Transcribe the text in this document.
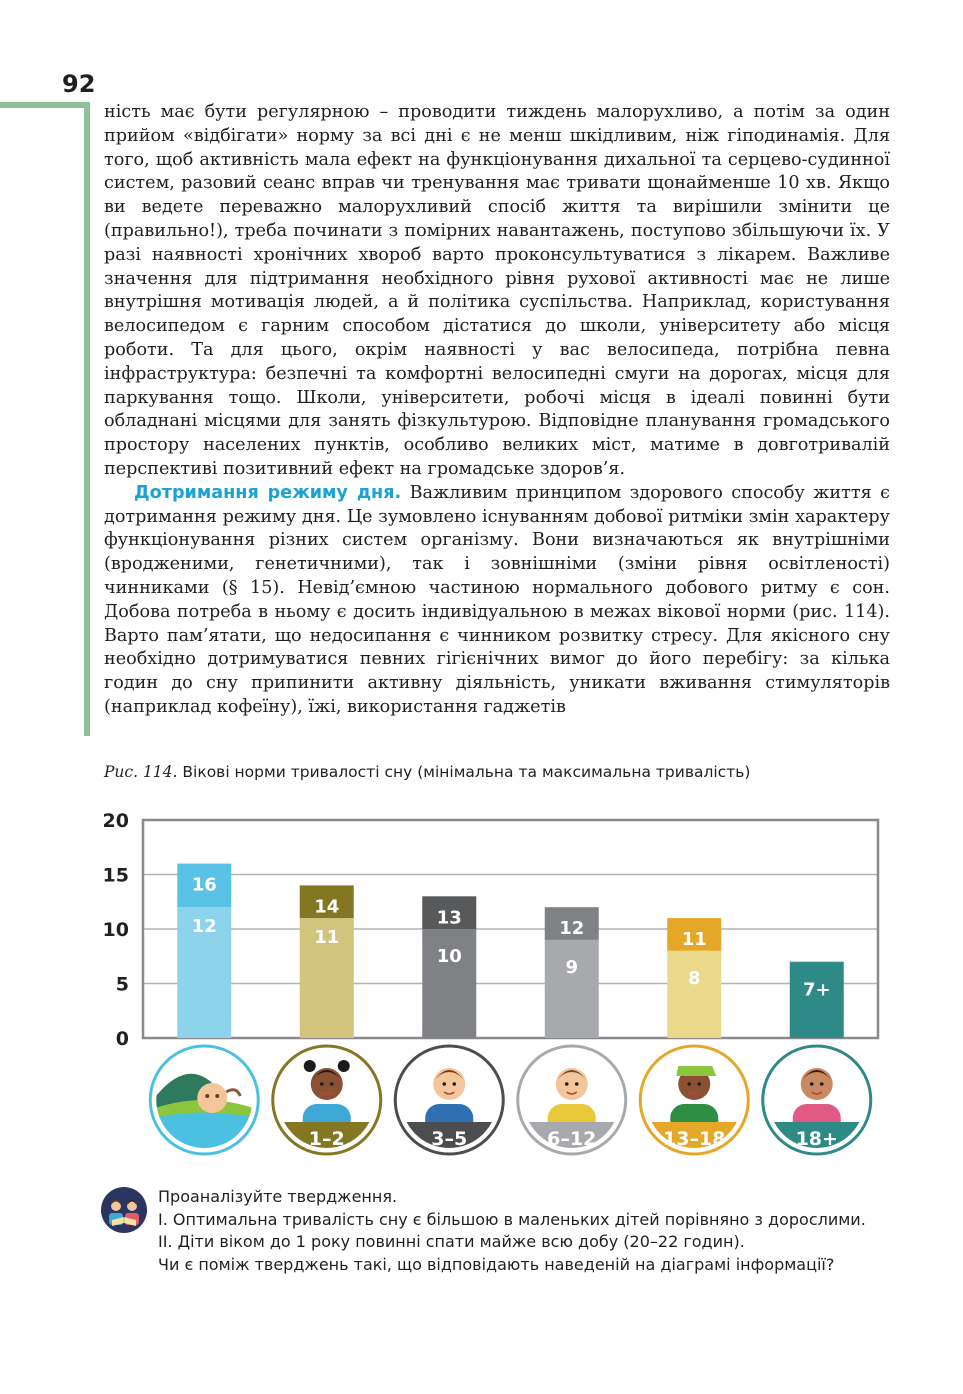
92

ність має бути регулярною – проводити тиждень малорухливо, а потім за один прийом «відбігати» норму за всі дні є не менш шкідливим, ніж гіподинамія. Для того, щоб активність мала ефект на функціонування дихальної та серцево-судинної систем, разовий сеанс вправ чи тренування має тривати щонайменше 10 хв. Якщо ви ведете переважно малорухливий спосіб життя та вирішили змінити це (правильно!), треба починати з помірних навантажень, поступово збільшуючи їх. У разі наявності хронічних хвороб варто проконсультуватися з лікарем. Важливе значення для підтримання необхідного рівня рухової активності має не лише внутрішня мотивація людей, а й політика суспільства. Наприклад, користування велосипедом є гарним способом дістатися до школи, університету або місця роботи. Та для цього, окрім наявності у вас велосипеда, потрібна певна інфраструктура: безпечні та комфортні велосипедні смуги на дорогах, місця для паркування тощо. Школи, університети, робочі місця в ідеалі повинні бути обладнані місцями для занять фізкультурою. Відповідне планування громадського простору населених пунктів, особливо великих міст, матиме в довготривалій перспективі позитивний ефект на громадське здоров’я.

Дотримання режиму дня. Важливим принципом здорового способу життя є дотримання режиму дня. Це зумовлено існуванням добової ритміки змін характеру функціонування різних систем організму. Вони визначаються як внутрішніми (вродженими, генетичними), так і зовнішніми (зміни рівня освітленості) чинниками (§ 15). Невід’ємною частиною нормального добового ритму є сон. Добова потреба в ньому є досить індивідуальною в межах вікової норми (рис. 114). Варто пам’ятати, що недосипання є чинником розвитку стресу. Для якісного сну необхідно дотримуватися певних гігієнічних вимог до його перебігу: за кілька годин до сну припинити активну діяльність, уникати вживання стимуляторів (наприклад кофеїну), їжі, використання гаджетів

Рис. 114. Вікові норми тривалості сну (мінімальна та максимальна тривалість)
0
5
10
15
20
16
12
14
11
1–2
13
10
3–5
12
9
6–12
11
8
13–18
7+
18+
Проаналізуйте твердження.
І. Оптимальна тривалість сну є більшою в маленьких дітей порівняно з дорослими.
ІІ. Діти віком до 1 року повинні спати майже всю добу (20–22 годин).
Чи є поміж тверджень такі, що відповідають наведеній на діаграмі інформації?
